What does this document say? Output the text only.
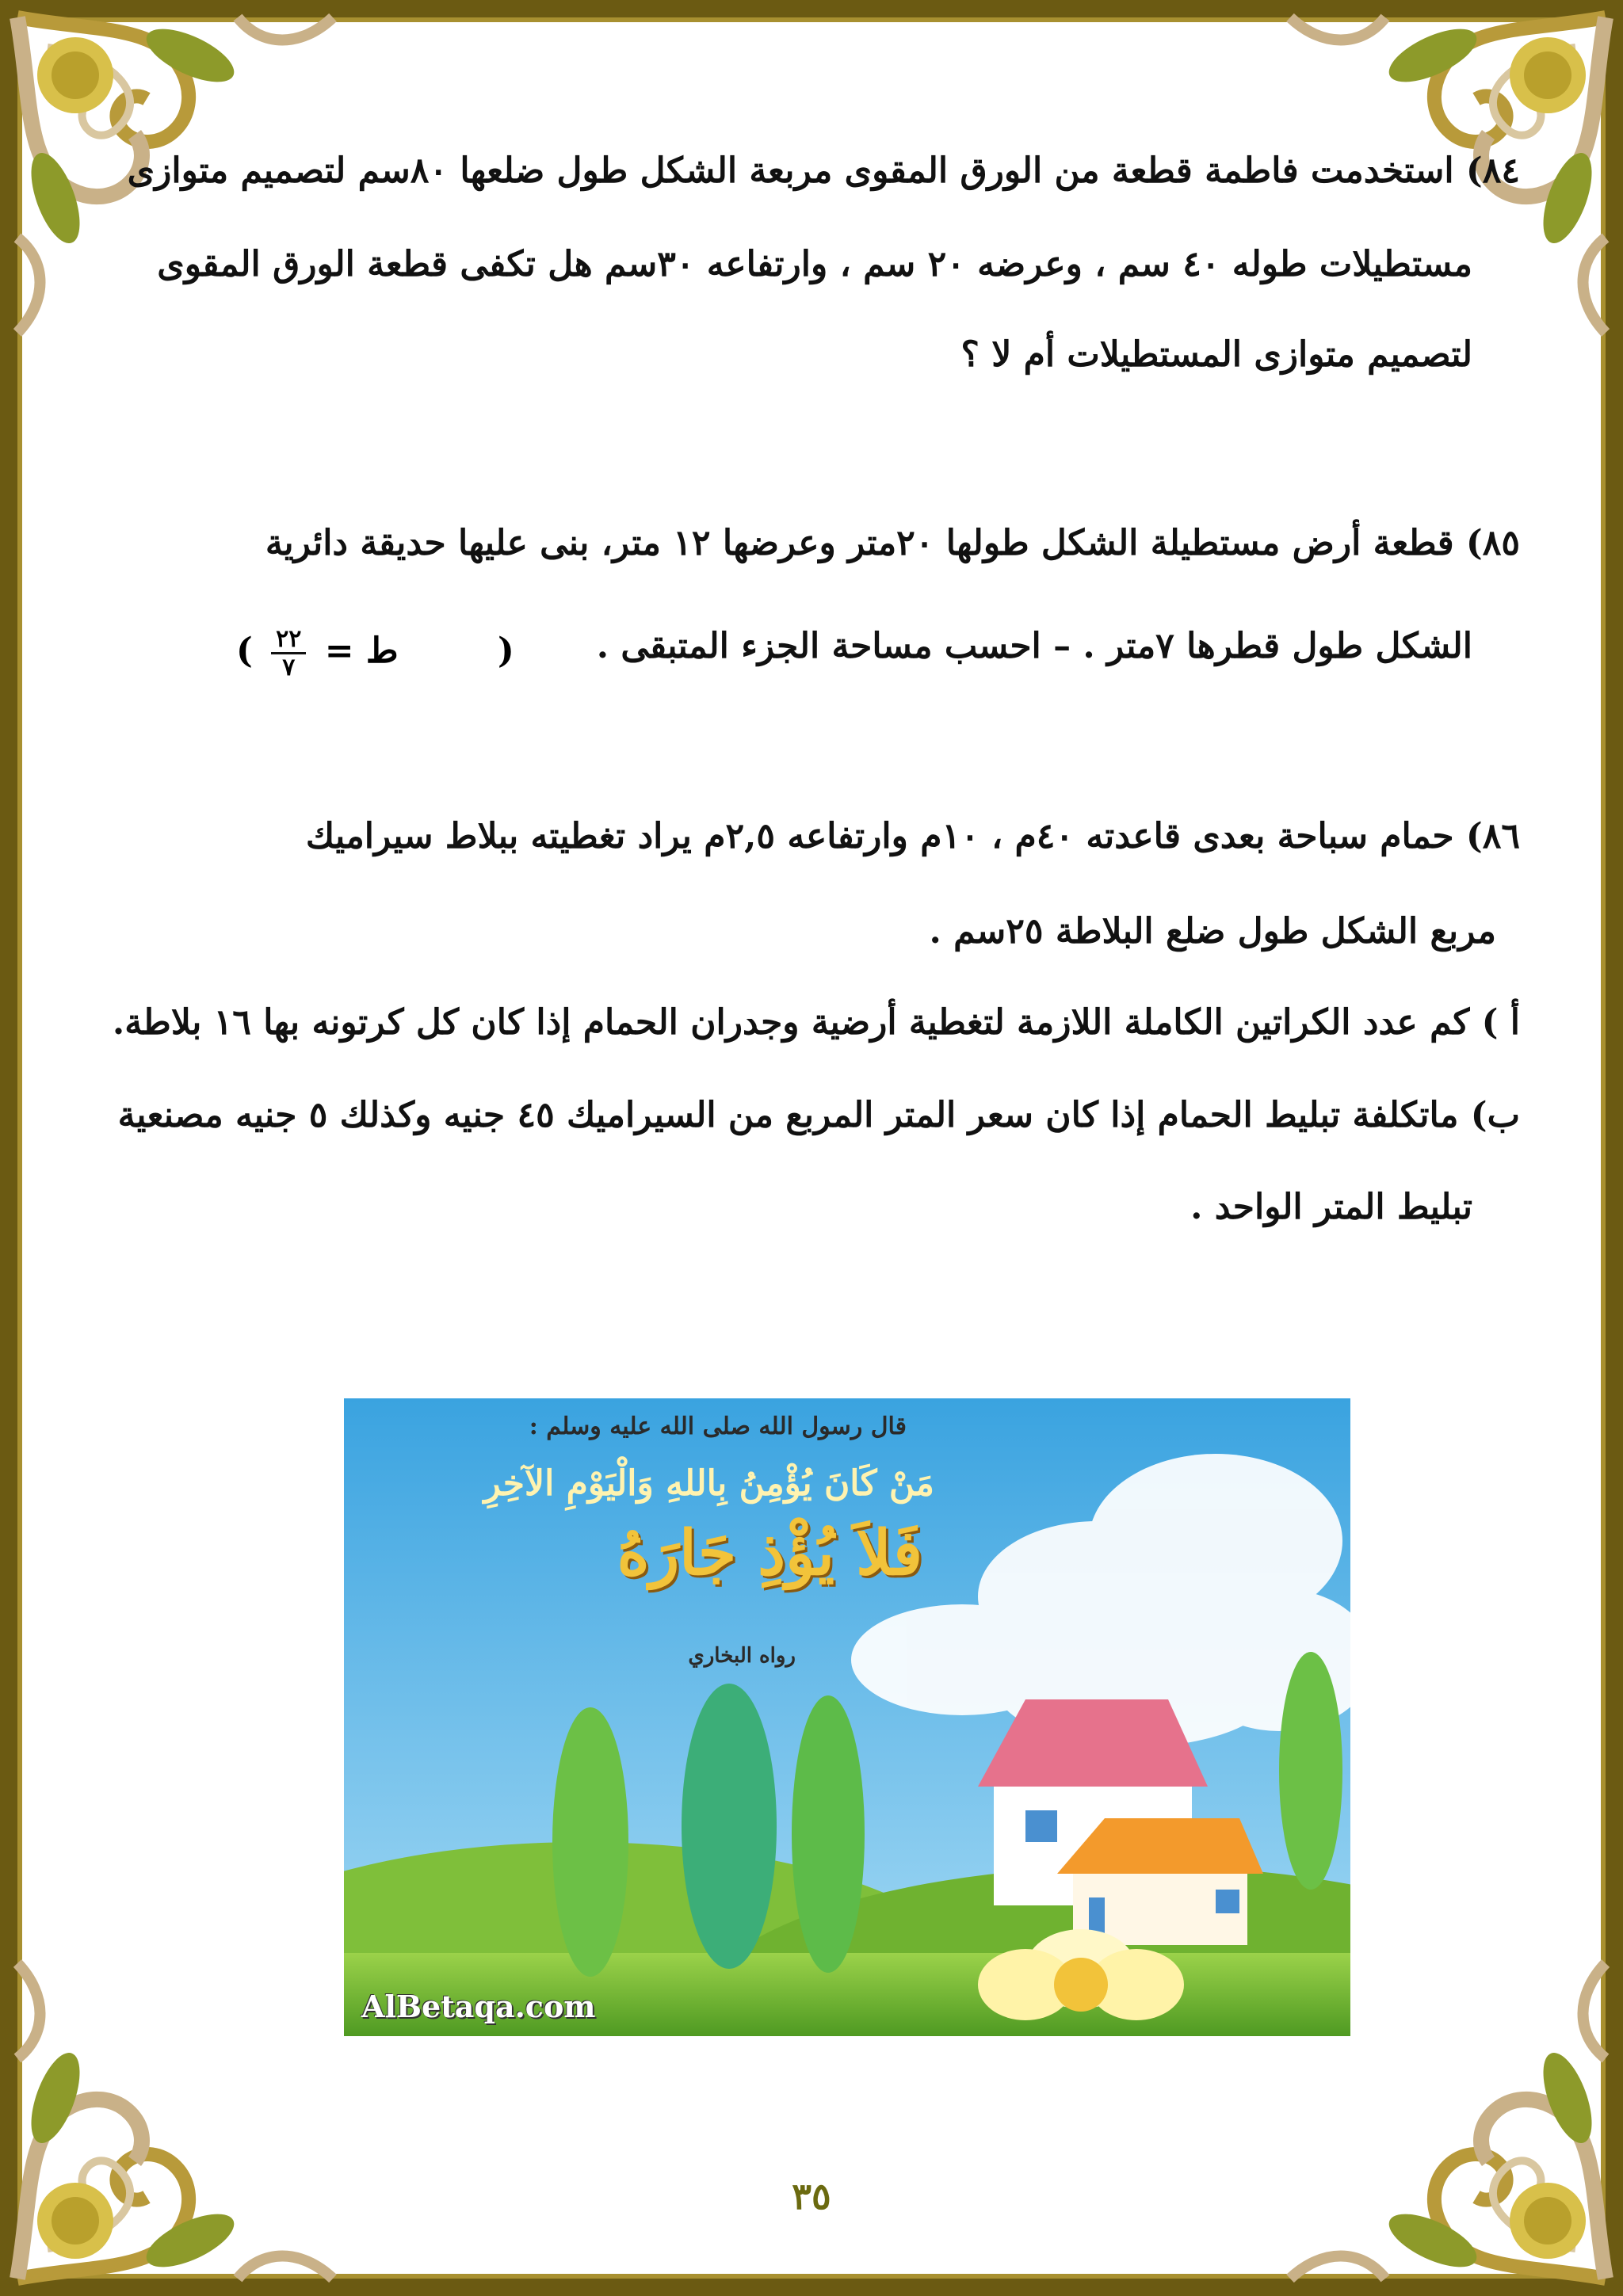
٨٤) استخدمت فاطمة قطعة من الورق المقوى مربعة الشكل طول ضلعها ٨٠سم لتصميم متوازى
مستطيلات طوله ٤٠ سم ، وعرضه ٢٠ سم ، وارتفاعه ٣٠سم هل تكفى قطعة الورق المقوى
لتصميم متوازى المستطيلات أم لا ؟
٨٥) قطعة أرض مستطيلة الشكل طولها ٢٠متر وعرضها ١٢ متر، بنى عليها حديقة دائرية
الشكل طول قطرها ٧متر . – احسب مساحة الجزء المتبقى .
٨٦) حمام سباحة بعدى قاعدته ٤٠م ، ١٠م وارتفاعه ٢,٥م يراد تغطيته ببلاط سيراميك
مربع الشكل طول ضلع البلاطة ٢٥سم .
أ ) كم عدد الكراتين الكاملة اللازمة لتغطية أرضية وجدران الحمام إذا كان كل كرتونه بها ١٦ بلاطة.
ب) ماتكلفة تبليط الحمام إذا كان سعر المتر المربع من السيراميك ٤٥ جنيه وكذلك ٥ جنيه مصنعية
تبليط المتر الواحد .
( $\frac{٢٢}{٧}$ ط =	)
قال رسول الله صلى الله عليه وسلم :
مَنْ كَانَ يُؤْمِنُ بِاللهِ وَالْيَوْمِ الآخِرِ
فَلاَ يُؤْذِ جَارَهُ
رواه البخاري
AlBetaqa.com
٣٥
